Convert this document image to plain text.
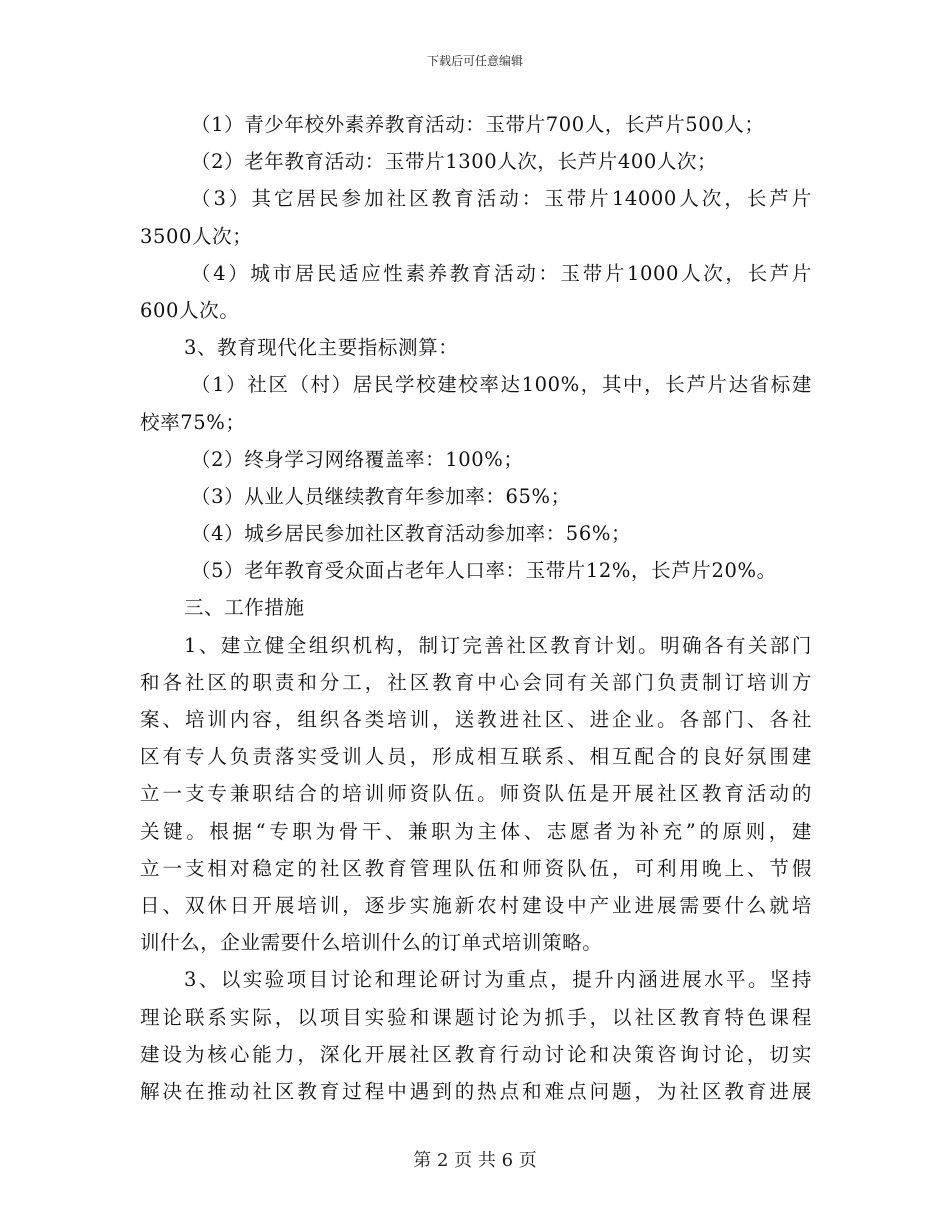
下载后可任意编辑
（1）青少年校外素养教育活动：玉带片700人，长芦片500人；
（2）老年教育活动：玉带片1300人次，长芦片400人次；
（3）其它居民参加社区教育活动：玉带片14000人次，长芦片
3500人次；
（4）城市居民适应性素养教育活动：玉带片1000人次，长芦片
600人次。
3、教育现代化主要指标测算：
（1）社区（村）居民学校建校率达100%，其中，长芦片达省标建
校率75%；
（2）终身学习网络覆盖率：100%；
（3）从业人员继续教育年参加率：65%；
（4）城乡居民参加社区教育活动参加率：56%；
（5）老年教育受众面占老年人口率：玉带片12%，长芦片20%。
三、工作措施
1、建立健全组织机构，制订完善社区教育计划。明确各有关部门
和各社区的职责和分工，社区教育中心会同有关部门负责制订培训方
案、培训内容，组织各类培训，送教进社区、进企业。各部门、各社
区有专人负责落实受训人员，形成相互联系、相互配合的良好氛围建
立一支专兼职结合的培训师资队伍。师资队伍是开展社区教育活动的
关键。根据“专职为骨干、兼职为主体、志愿者为补充”的原则，建
立一支相对稳定的社区教育管理队伍和师资队伍，可利用晚上、节假
日、双休日开展培训，逐步实施新农村建设中产业进展需要什么就培
训什么，企业需要什么培训什么的订单式培训策略。
3、以实验项目讨论和理论研讨为重点，提升内涵进展水平。坚持
理论联系实际，以项目实验和课题讨论为抓手，以社区教育特色课程
建设为核心能力，深化开展社区教育行动讨论和决策咨询讨论，切实
解决在推动社区教育过程中遇到的热点和难点问题，为社区教育进展
第 2 页 共 6 页
